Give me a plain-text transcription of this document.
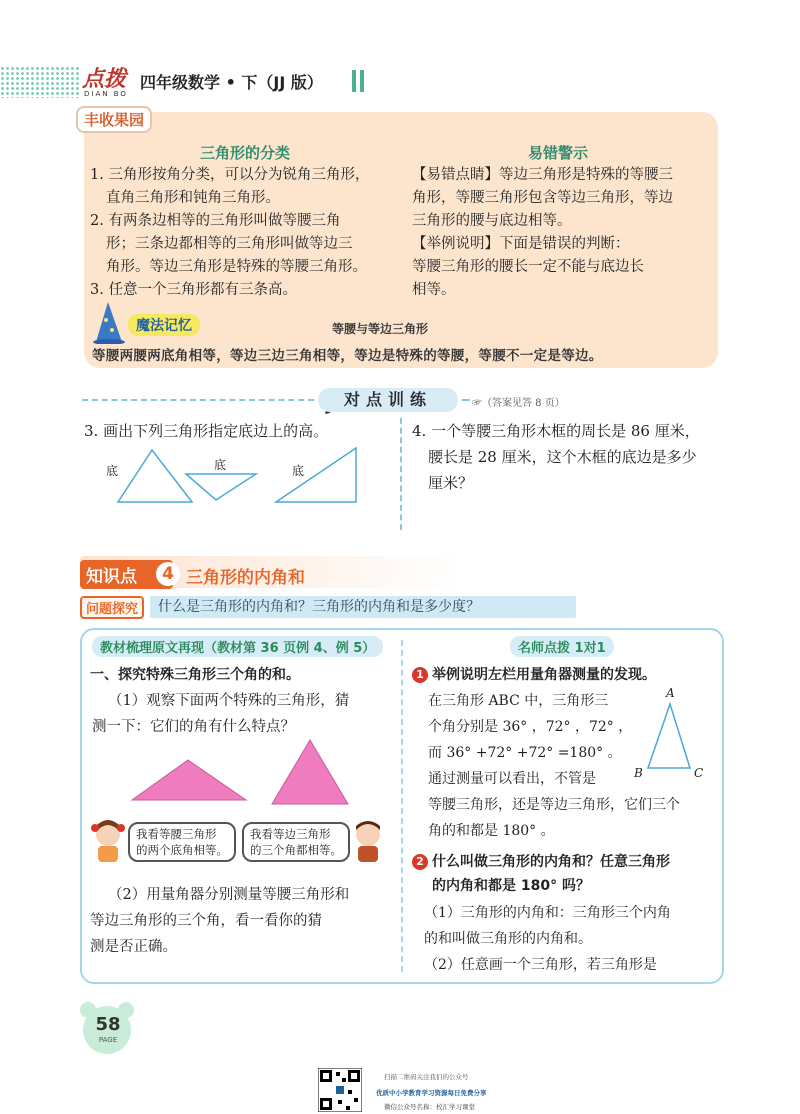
点拨
DIAN BO
四年级数学 • 下（JJ 版）
丰收果园
三角形的分类	易错警示

1. 三角形按角分类，可以分为锐角三角形，

直角三角形和钝角三角形。

2. 有两条边相等的三角形叫做等腰三角

形；三条边都相等的三角形叫做等边三

角形。等边三角形是特殊的等腰三角形。

3. 任意一个三角形都有三条高。

【易错点睛】等边三角形是特殊的等腰三

角形，等腰三角形包含等边三角形，等边

三角形的腰与底边相等。

【举例说明】下面是错误的判断：

等腰三角形的腰长一定不能与底边长

相等。

魔法记忆	等腰与等边三角形
等腰两腰两底角相等，等边三边三角相等，等边是特殊的等腰，等腰不一定是等边。
对点训练	☞（答案见答 8 页）
3. 画出下列三角形指定底边上的高。	4. 一个等腰三角形木框的周长是 86 厘米，

腰长是 28 厘米，这个木框的底边是多少

厘米？

底	底	底
知识点	4 三角形的内角和
问题探究	什么是三角形的内角和？三角形的内角和是多少度？
教材梳理原文再现（教材第 36 页例 4、例 5）	名师点拨 1对1
一、探究特殊三角形三个角的和。

（1）观察下面两个特殊的三角形，猜

测一下：它们的角有什么特点？

我看等腰三角形
的两个底角相等。
我看等边三角形
的三个角都相等。

（2）用量角器分别测量等腰三角形和

等边三角形的三个角，看一看你的猜

测是否正确。

1 举例说明左栏用量角器测量的发现。

在三角形 ABC 中，三角形三

个角分别是 36° ，72° ，72° ，

而 36° +72° +72° =180° 。

通过测量可以看出，不管是

等腰三角形，还是等边三角形，它们三个

角的和都是 180° 。

A
B	C
2 什么叫做三角形的内角和？任意三角形
的内角和都是 180° 吗？

（1）三角形的内角和：三角形三个内角

的和叫做三角形的内角和。

（2）任意画一个三角形，若三角形是

58
PAGE
扫描二维码关注我们的公众号
优质中小学教育学习资源每日免费分享
微信公众号名称：校汇学习课堂
